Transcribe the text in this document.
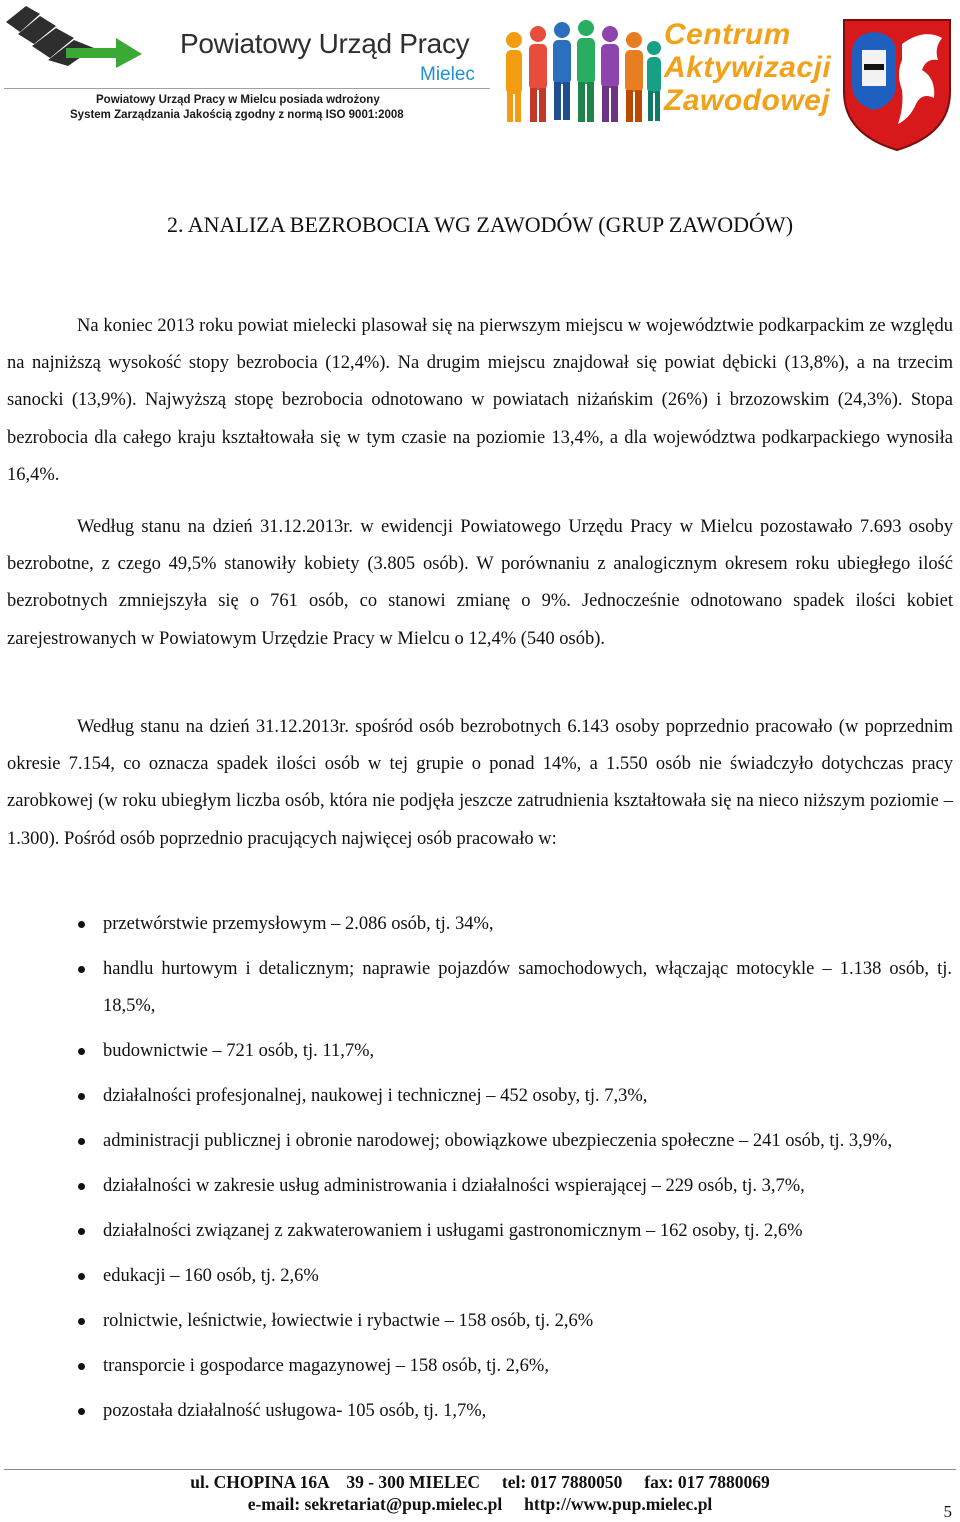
Powiatowy Urząd Pracy
Mielec
Powiatowy Urząd Pracy w Mielcu posiada wdrożony
System Zarządzania Jakością zgodny z normą ISO 9001:2008
Centrum
Aktywizacji
Zawodowej
2. ANALIZA BEZROBOCIA WG ZAWODÓW (GRUP ZAWODÓW)

Na koniec 2013 roku powiat mielecki plasował się na pierwszym miejscu w województwie podkarpackim ze względu na najniższą wysokość stopy bezrobocia (12,4%). Na drugim miejscu znajdował się powiat dębicki (13,8%), a na trzecim sanocki (13,9%). Najwyższą stopę bezrobocia odnotowano w powiatach niżańskim (26%) i brzozowskim (24,3%). Stopa bezrobocia dla całego kraju kształtowała się w tym czasie na poziomie 13,4%, a dla województwa podkarpackiego wynosiła 16,4%.

Według stanu na dzień 31.12.2013r. w ewidencji Powiatowego Urzędu Pracy w Mielcu pozostawało 7.693 osoby bezrobotne, z czego 49,5% stanowiły kobiety (3.805 osób). W porównaniu z analogicznym okresem roku ubiegłego ilość bezrobotnych zmniejszyła się o 761 osób, co stanowi zmianę o 9%. Jednocześnie odnotowano spadek ilości kobiet zarejestrowanych w Powiatowym Urzędzie Pracy w Mielcu o 12,4% (540 osób).

Według stanu na dzień 31.12.2013r. spośród osób bezrobotnych 6.143 osoby poprzednio pracowało (w poprzednim okresie 7.154, co oznacza spadek ilości osób w tej grupie o ponad 14%, a 1.550 osób nie świadczyło dotychczas pracy zarobkowej (w roku ubiegłym liczba osób, która nie podjęła jeszcze zatrudnienia kształtowała się na nieco niższym poziomie – 1.300). Pośród osób poprzednio pracujących najwięcej osób pracowało w:

przetwórstwie przemysłowym – 2.086 osób, tj. 34%,
handlu hurtowym i detalicznym; naprawie pojazdów samochodowych, włączając motocykle – 1.138 osób, tj. 18,5%,
budownictwie – 721 osób, tj. 11,7%,
działalności profesjonalnej, naukowej i technicznej – 452 osoby, tj. 7,3%,
administracji publicznej i obronie narodowej; obowiązkowe ubezpieczenia społeczne – 241 osób, tj. 3,9%,
działalności w zakresie usług administrowania i działalności wspierającej – 229 osób, tj. 3,7%,
działalności związanej z zakwaterowaniem i usługami gastronomicznym – 162 osoby, tj. 2,6%
edukacji – 160 osób, tj. 2,6%
rolnictwie, leśnictwie, łowiectwie i rybactwie – 158 osób, tj. 2,6%
transporcie i gospodarce magazynowej – 158 osób, tj. 2,6%,
pozostała działalność usługowa- 105 osób, tj. 1,7%,
ul. CHOPINA 16A    39 - 300 MIELEC     tel: 017 7880050     fax: 017 7880069
e-mail: sekretariat@pup.mielec.pl     http://www.pup.mielec.pl	5
